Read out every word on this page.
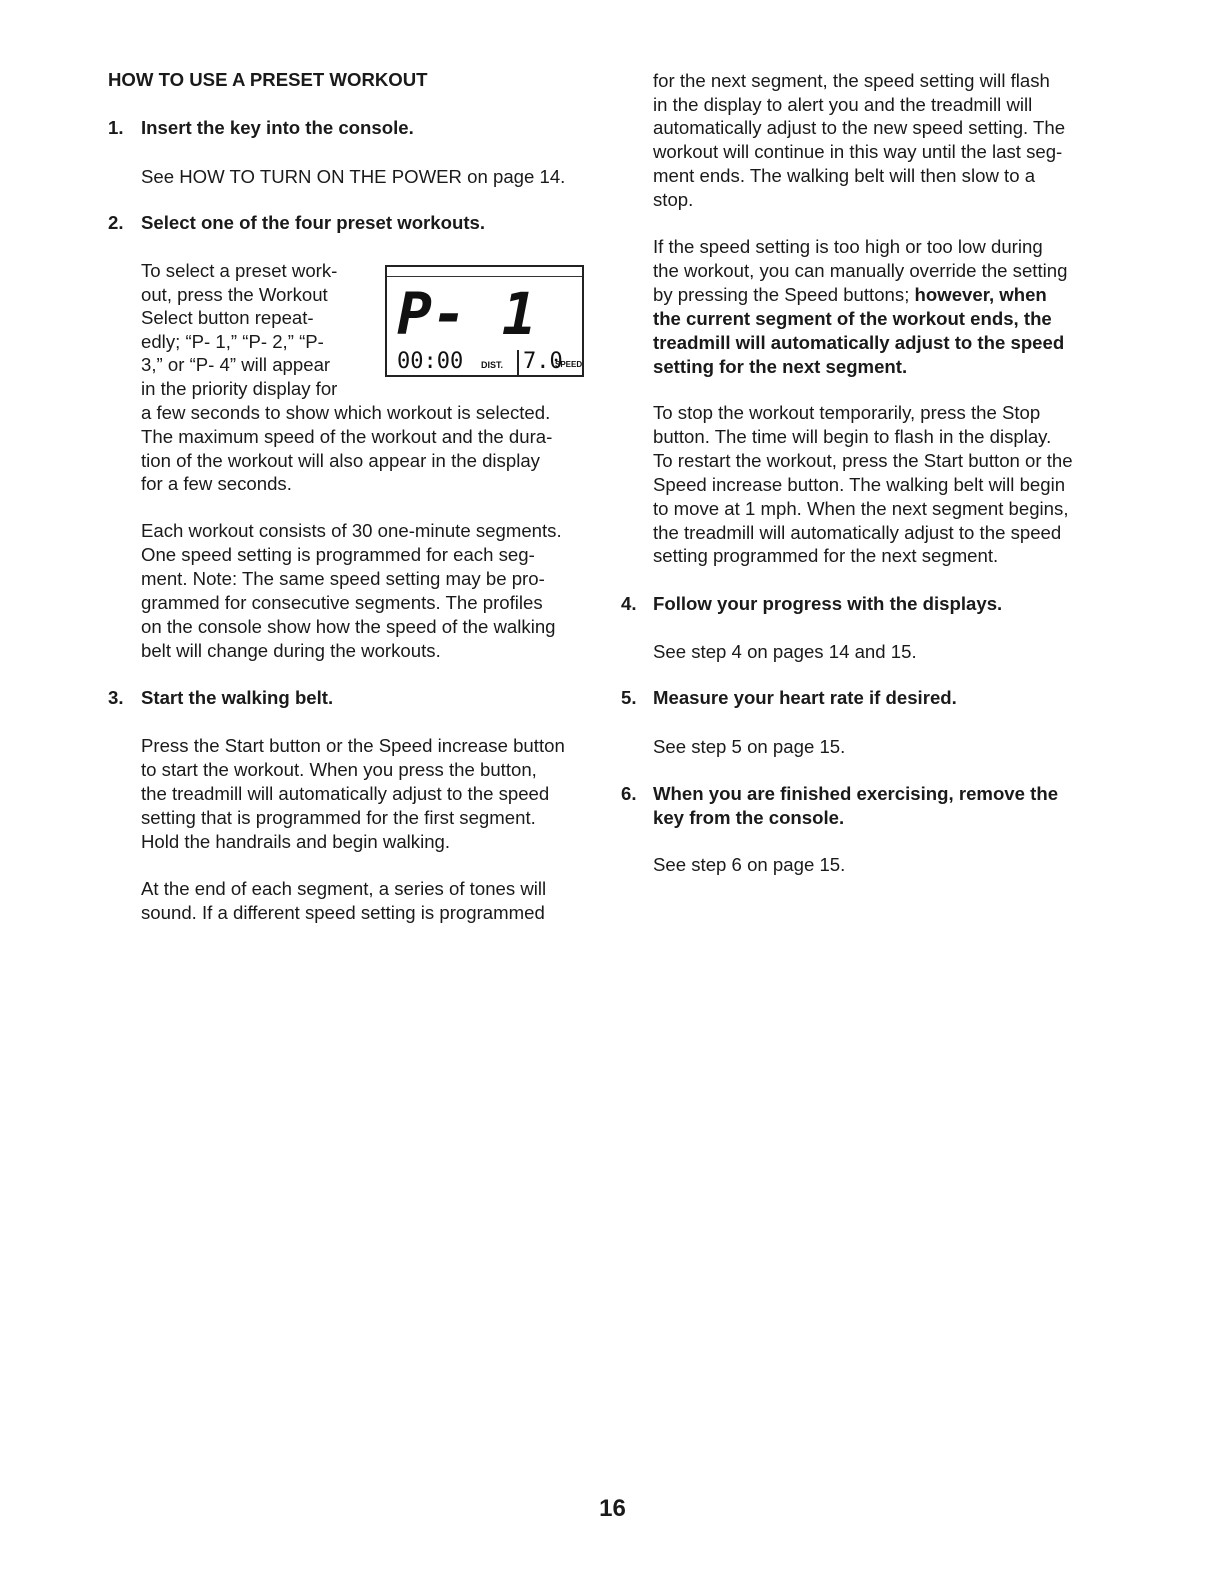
HOW TO USE A PRESET WORKOUT
1. Insert the key into the console.
See HOW TO TURN ON THE POWER on page 14.
2. Select one of the four preset workouts.
To select a preset work-
out, press the Workout
Select button repeat-
edly; “P- 1,” “P- 2,” “P-
3,” or “P- 4” will appear
in the priority display for
a few seconds to show which workout is selected.
The maximum speed of the workout and the dura-
tion of the workout will also appear in the display
for a few seconds.
Each workout consists of 30 one-minute segments.
One speed setting is programmed for each seg-
ment. Note: The same speed setting may be pro-
grammed for consecutive segments. The profiles
on the console show how the speed of the walking
belt will change during the workouts.
3. Start the walking belt.
Press the Start button or the Speed increase button
to start the workout. When you press the button,
the treadmill will automatically adjust to the speed
setting that is programmed for the first segment.
Hold the handrails and begin walking.
At the end of each segment, a series of tones will
sound. If a different speed setting is programmed
P- 1
00:00 DIST. 7.0
SPEED
for the next segment, the speed setting will flash
in the display to alert you and the treadmill will
automatically adjust to the new speed setting. The
workout will continue in this way until the last seg-
ment ends. The walking belt will then slow to a
stop.
If the speed setting is too high or too low during
the workout, you can manually override the setting
by pressing the Speed buttons; however, when
the current segment of the workout ends, the
treadmill will automatically adjust to the speed
setting for the next segment.
To stop the workout temporarily, press the Stop
button. The time will begin to flash in the display.
To restart the workout, press the Start button or the
Speed increase button. The walking belt will begin
to move at 1 mph. When the next segment begins,
the treadmill will automatically adjust to the speed
setting programmed for the next segment.
4. Follow your progress with the displays.
See step 4 on pages 14 and 15.
5. Measure your heart rate if desired.
See step 5 on page 15.
6. When you are finished exercising, remove the
key from the console.
See step 6 on page 15.
16
